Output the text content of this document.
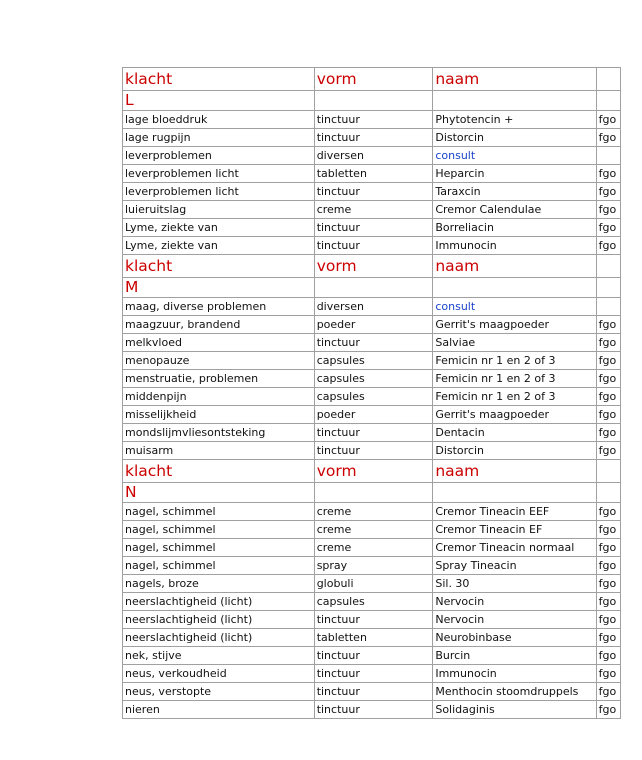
klacht	vorm	naam	
L			
lage bloeddruk	tinctuur	Phytotencin +	fgo
lage rugpijn	tinctuur	Distorcin	fgo
leverproblemen	diversen	consult	
leverproblemen licht	tabletten	Heparcin	fgo
leverproblemen licht	tinctuur	Taraxcin	fgo
luieruitslag	creme	Cremor Calendulae	fgo
Lyme, ziekte van	tinctuur	Borreliacin	fgo
Lyme, ziekte van	tinctuur	Immunocin	fgo
klacht	vorm	naam	
M			
maag, diverse problemen	diversen	consult	
maagzuur, brandend	poeder	Gerrit's maagpoeder	fgo
melkvloed	tinctuur	Salviae	fgo
menopauze	capsules	Femicin nr 1 en 2 of 3	fgo
menstruatie, problemen	capsules	Femicin nr 1 en 2 of 3	fgo
middenpijn	capsules	Femicin nr 1 en 2 of 3	fgo
misselijkheid	poeder	Gerrit's maagpoeder	fgo
mondslijmvliesontsteking	tinctuur	Dentacin	fgo
muisarm	tinctuur	Distorcin	fgo
klacht	vorm	naam	
N			
nagel, schimmel	creme	Cremor Tineacin EEF	fgo
nagel, schimmel	creme	Cremor Tineacin EF	fgo
nagel, schimmel	creme	Cremor Tineacin normaal	fgo
nagel, schimmel	spray	Spray Tineacin	fgo
nagels, broze	globuli	Sil. 30	fgo
neerslachtigheid (licht)	capsules	Nervocin	fgo
neerslachtigheid (licht)	tinctuur	Nervocin	fgo
neerslachtigheid (licht)	tabletten	Neurobinbase	fgo
nek, stijve	tinctuur	Burcin	fgo
neus, verkoudheid	tinctuur	Immunocin	fgo
neus, verstopte	tinctuur	Menthocin stoomdruppels	fgo
nieren	tinctuur	Solidaginis	fgo
